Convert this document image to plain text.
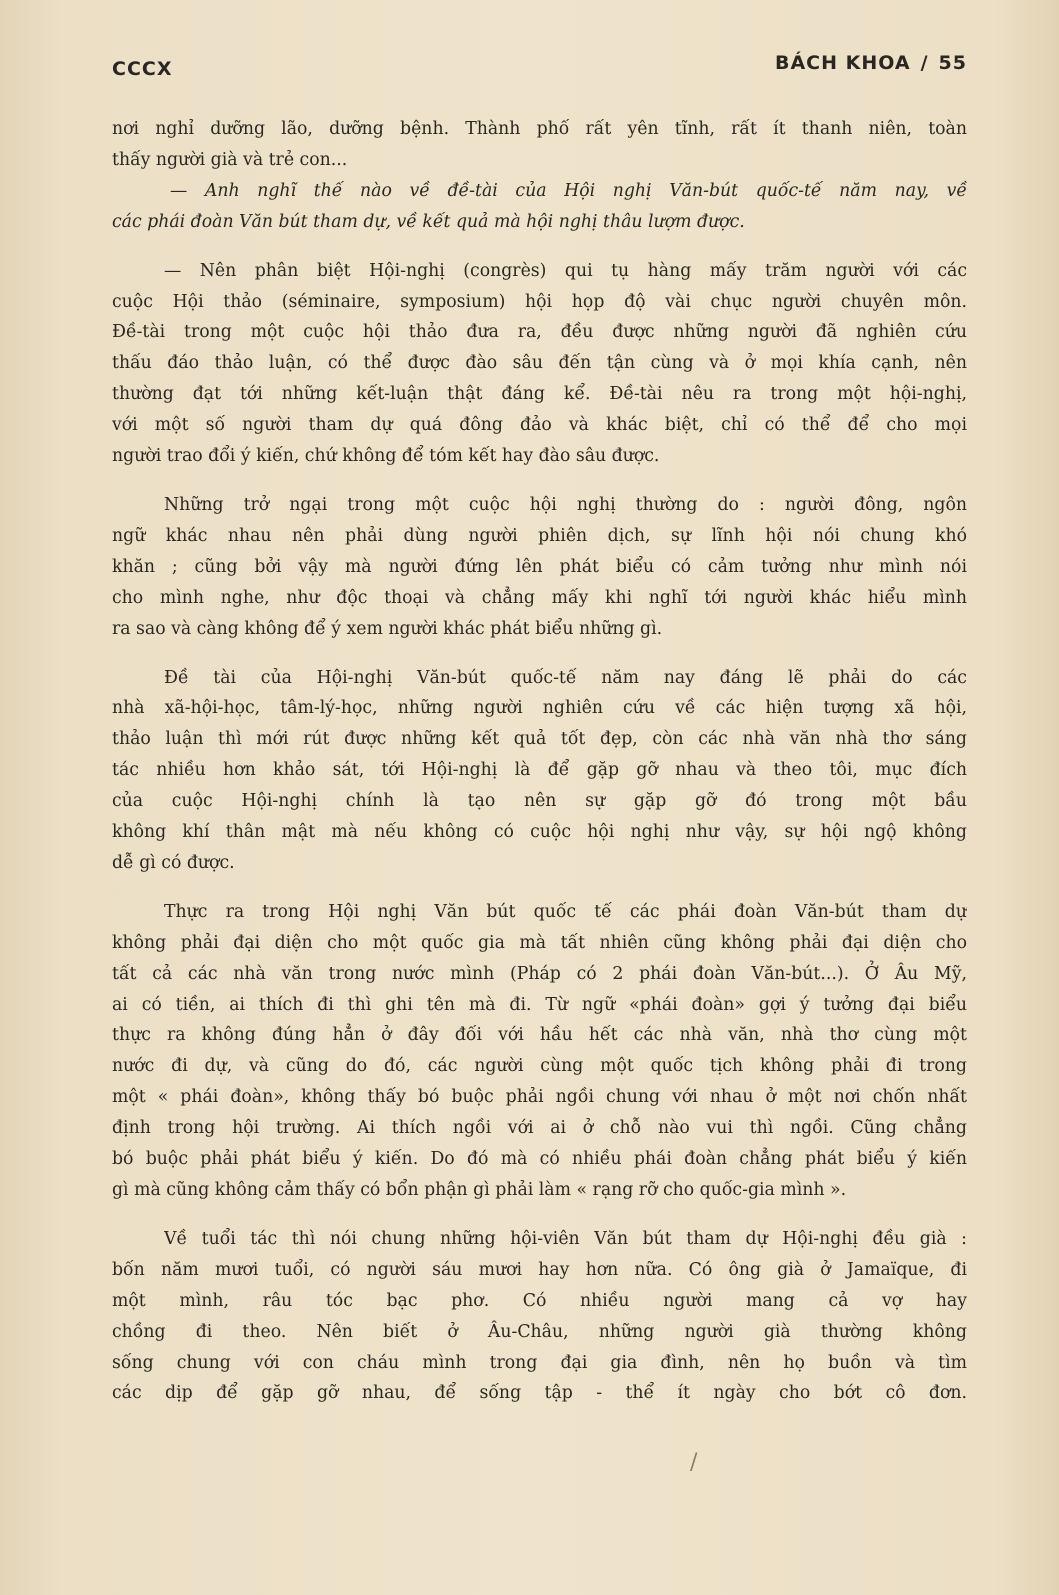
CCCX	BÁCH KHOA / 55

nơi nghỉ dưỡng lão, dưỡng bệnh. Thành phố rất yên tĩnh, rất ít thanh niên, toàn
thấy người già và trẻ con...

— Anh nghĩ thế nào về đề-tài của Hội nghị Văn-bút quốc-tế năm nay, về
các phái đoàn Văn bút tham dự, về kết quả mà hội nghị thâu lượm được.

— Nên phân biệt Hội-nghị (congrès) qui tụ hàng mấy trăm người với các
cuộc Hội thảo (séminaire, symposium) hội họp độ vài chục người chuyên môn.
Đề-tài trong một cuộc hội thảo đưa ra, đều được những người đã nghiên cứu
thấu đáo thảo luận, có thể được đào sâu đến tận cùng và ở mọi khía cạnh, nên
thường đạt tới những kết-luận thật đáng kể. Đề-tài nêu ra trong một hội-nghị,
với một số người tham dự quá đông đảo và khác biệt, chỉ có thể để cho mọi
người trao đổi ý kiến, chứ không để tóm kết hay đào sâu được.

Những trở ngại trong một cuộc hội nghị thường do : người đông, ngôn
ngữ khác nhau nên phải dùng người phiên dịch, sự lĩnh hội nói chung khó
khăn ; cũng bởi vậy mà người đứng lên phát biểu có cảm tưởng như mình nói
cho mình nghe, như độc thoại và chẳng mấy khi nghĩ tới người khác hiểu mình
ra sao và càng không để ý xem người khác phát biểu những gì.

Đề tài của Hội-nghị Văn-bút quốc-tế năm nay đáng lẽ phải do các
nhà xã-hội-học, tâm-lý-học, những người nghiên cứu về các hiện tượng xã hội,
thảo luận thì mới rút được những kết quả tốt đẹp, còn các nhà văn nhà thơ sáng
tác nhiều hơn khảo sát, tới Hội-nghị là để gặp gỡ nhau và theo tôi, mục đích
của cuộc Hội-nghị chính là tạo nên sự gặp gỡ đó trong một bầu
không khí thân mật mà nếu không có cuộc hội nghị như vậy, sự hội ngộ không
dễ gì có được.

Thực ra trong Hội nghị Văn bút quốc tế các phái đoàn Văn-bút tham dự
không phải đại diện cho một quốc gia mà tất nhiên cũng không phải đại diện cho
tất cả các nhà văn trong nước mình (Pháp có 2 phái đoàn Văn-bút...). Ở Âu Mỹ,
ai có tiền, ai thích đi thì ghi tên mà đi. Từ ngữ «phái đoàn» gợi ý tưởng đại biểu
thực ra không đúng hẳn ở đây đối với hầu hết các nhà văn, nhà thơ cùng một
nước đi dự, và cũng do đó, các người cùng một quốc tịch không phải đi trong
một « phái đoàn», không thấy bó buộc phải ngồi chung với nhau ở một nơi chốn nhất
định trong hội trường. Ai thích ngồi với ai ở chỗ nào vui thì ngồi. Cũng chẳng
bó buộc phải phát biểu ý kiến. Do đó mà có nhiều phái đoàn chẳng phát biểu ý kiến
gì mà cũng không cảm thấy có bổn phận gì phải làm « rạng rỡ cho quốc-gia mình ».

Về tuổi tác thì nói chung những hội-viên Văn bút tham dự Hội-nghị đều già :
bốn năm mươi tuổi, có người sáu mươi hay hơn nữa. Có ông già ở Jamaïque, đi
một mình, râu tóc bạc phơ. Có nhiều người mang cả vợ hay
chồng đi theo. Nên biết ở Âu-Châu, những người già thường không
sống chung với con cháu mình trong đại gia đình, nên họ buồn và tìm
các dịp để gặp gỡ nhau, để sống tập - thể ít ngày cho bớt cô đơn.

/
